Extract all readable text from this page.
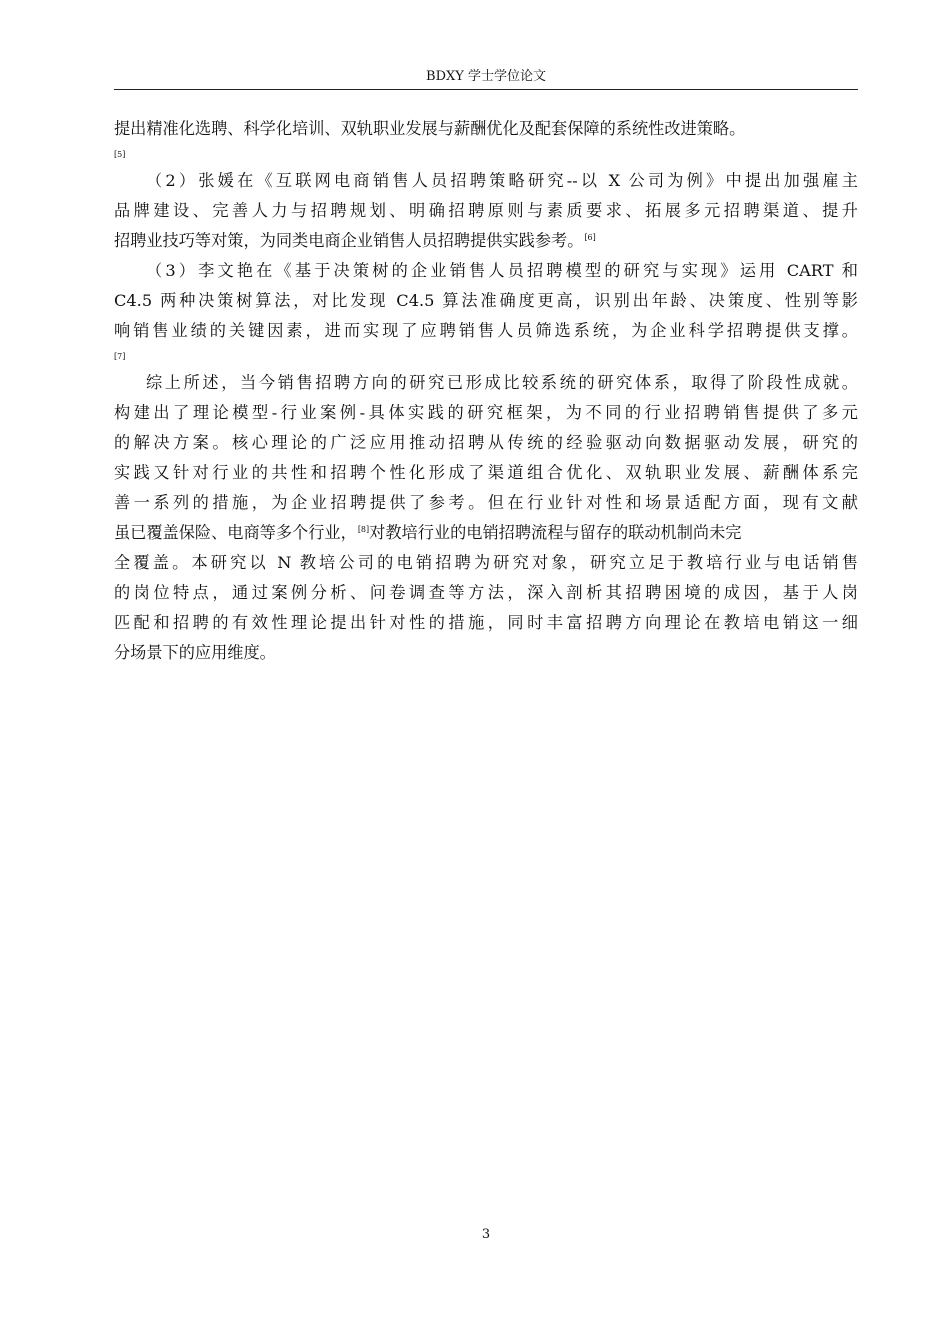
BDXY 学士学位论文
提出精准化选聘、科学化培训、双轨职业发展与薪酬优化及配套保障的系统性改进策略。
[5]
（2）张媛在《互联网电商销售人员招聘策略研究--以 X 公司为例》中提出加强雇主
品牌建设、完善人力与招聘规划、明确招聘原则与素质要求、拓展多元招聘渠道、提升
招聘业技巧等对策，为同类电商企业销售人员招聘提供实践参考。[6]
（3）李文艳在《基于决策树的企业销售人员招聘模型的研究与实现》运用 CART 和
C4.5 两种决策树算法，对比发现 C4.5 算法准确度更高，识别出年龄、决策度、性别等影
响销售业绩的关键因素，进而实现了应聘销售人员筛选系统，为企业科学招聘提供支撑。
[7]
综上所述，当今销售招聘方向的研究已形成比较系统的研究体系，取得了阶段性成就。
构建出了理论模型-行业案例-具体实践的研究框架，为不同的行业招聘销售提供了多元
的解决方案。核心理论的广泛应用推动招聘从传统的经验驱动向数据驱动发展，研究的
实践又针对行业的共性和招聘个性化形成了渠道组合优化、双轨职业发展、薪酬体系完
善一系列的措施，为企业招聘提供了参考。但在行业针对性和场景适配方面，现有文献
虽已覆盖保险、电商等多个行业，[8]对教培行业的电销招聘流程与留存的联动机制尚未完
全覆盖。本研究以 N 教培公司的电销招聘为研究对象，研究立足于教培行业与电话销售
的岗位特点，通过案例分析、问卷调查等方法，深入剖析其招聘困境的成因，基于人岗
匹配和招聘的有效性理论提出针对性的措施，同时丰富招聘方向理论在教培电销这一细
分场景下的应用维度。
3
